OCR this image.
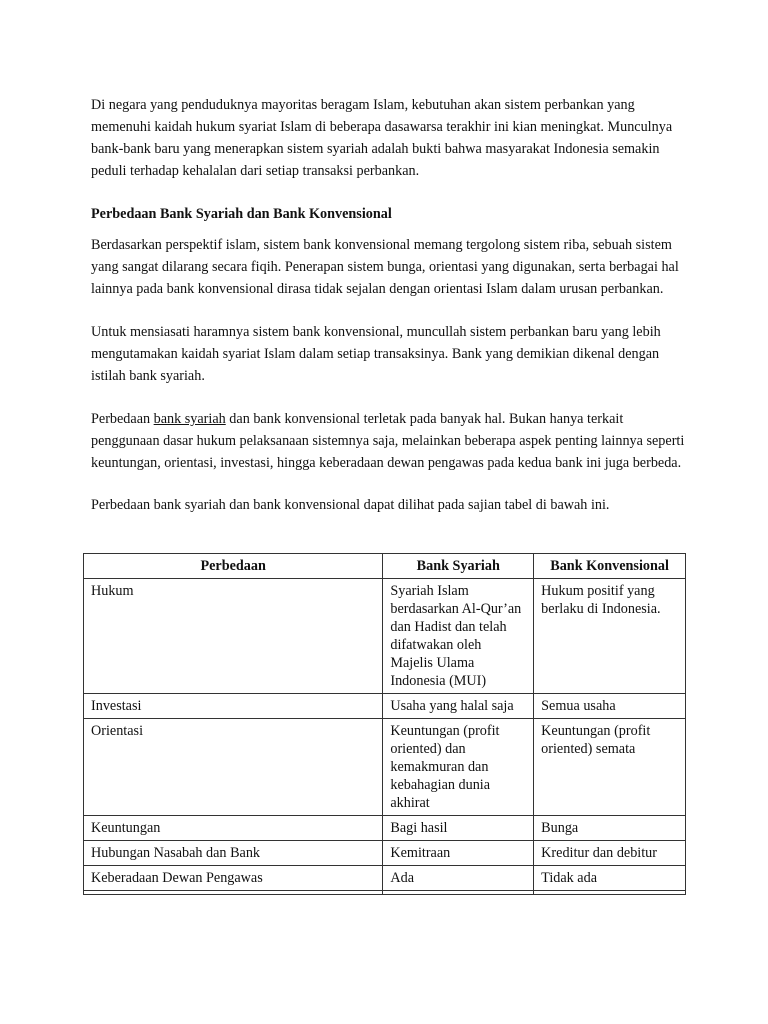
Di negara yang penduduknya mayoritas beragam Islam, kebutuhan akan sistem perbankan yang memenuhi kaidah hukum syariat Islam di beberapa dasawarsa terakhir ini kian meningkat. Munculnya bank-bank baru yang menerapkan sistem syariah adalah bukti bahwa masyarakat Indonesia semakin peduli terhadap kehalalan dari setiap transaksi perbankan.

Perbedaan Bank Syariah dan Bank Konvensional

Berdasarkan perspektif islam, sistem bank konvensional memang tergolong sistem riba, sebuah sistem yang sangat dilarang secara fiqih. Penerapan sistem bunga, orientasi yang digunakan, serta berbagai hal lainnya pada bank konvensional dirasa tidak sejalan dengan orientasi Islam dalam urusan perbankan.

Untuk mensiasati haramnya sistem bank konvensional, muncullah sistem perbankan baru yang lebih mengutamakan kaidah syariat Islam dalam setiap transaksinya. Bank yang demikian dikenal dengan istilah bank syariah.

Perbedaan bank syariah dan bank konvensional terletak pada banyak hal. Bukan hanya terkait penggunaan dasar hukum pelaksanaan sistemnya saja, melainkan beberapa aspek penting lainnya seperti keuntungan, orientasi, investasi, hingga keberadaan dewan pengawas pada kedua bank ini juga berbeda.

Perbedaan bank syariah dan bank konvensional dapat dilihat pada sajian tabel di bawah ini.

Perbedaan	Bank Syariah	Bank Konvensional
Hukum	Syariah Islam berdasarkan Al-Qur’an dan Hadist dan telah difatwakan oleh Majelis Ulama Indonesia (MUI)	Hukum positif yang berlaku di Indonesia.
Investasi	Usaha yang halal saja	Semua usaha
Orientasi	Keuntungan (profit oriented) dan kemakmuran dan kebahagian dunia akhirat	Keuntungan (profit oriented) semata
Keuntungan	Bagi hasil	Bunga
Hubungan Nasabah dan Bank	Kemitraan	Kreditur dan debitur
Keberadaan Dewan Pengawas	Ada	Tidak ada
